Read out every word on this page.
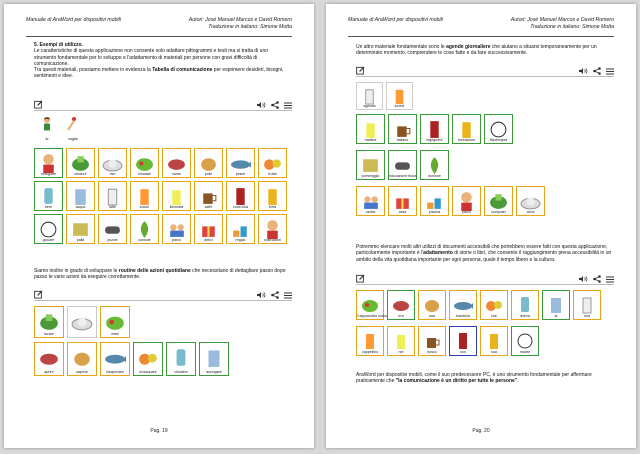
Manuale di AraWord per dispositivi mobili	Autori: José Manuel Marcos e David Romero
Traduzione in italiano: Simone Motta
5. Esempi di utilizzo.
Le caratteristiche di questa applicazione non consente solo adattare pittogrammi e testi ma si tratta di uno strumento fondamentale per lo sviluppo e l'adattamento di materiali per persone con gravi difficoltà di comunicazione.
Tra questi materiali, possiamo mettere in evidenza la Tabella di comunicazione per esprimere desideri, bisogni, sentimenti e idee.
io	voglio
mangiare	verdure	riso	insalata	carne	pollo	pesce	frutta
bere	acqua	latte	succo	limonata	caffè	coca cola	birra
giocare	palla	puzzle	console	parco	amici	regalo	costruzioni
Siamo inoltre in grado di sviluppare le routine delle azioni quotidiane che necessitano di dettagliare passo dopo passo le varie azioni da eseguire correttamente.
lavare	mani
aprire	sapone	insaponare	sciacquare	chiudere	asciugare
Pag. 19
Manuale di AraWord per dispositivi mobili	Autori: José Manuel Marcos e David Romero
Traduzione in italiano: Simone Motta
Un altro materiale fondamentale sono le agende giornaliere che aiutano a situarsi temporaneamente per un determinato momento, comprendere le cose fatte e da fare successivamente.
agenda	lunedì
mattina	italiano	ingegnere	ricreazione	fisioterapia
pomeriggio	educazione fisica	riunione
uscita	casa	piscina	parco	computer	cena
Potremmo elencare molti altri utilizzi di documenti accessibili che potrebbero essere fatti con questa applicazione, particolarmente importante è l'adattamento di storie o libri, che consente il raggiungimento piena accessibilità in un ambito della vita quotidiana importante per ogni persona, quale il tempo libero e la cultura.
Cappuccetto rosso	era	una	bambina	che	aveva	la	una
cappellino	nel	bosco	con	sua	madre
AraWord per dispositivi mobili, come il suo predecessore PC, è uno strumento fondamentale per affermare praticamente che "la comunicazione è un diritto per tutte le persone".
Pag. 20
